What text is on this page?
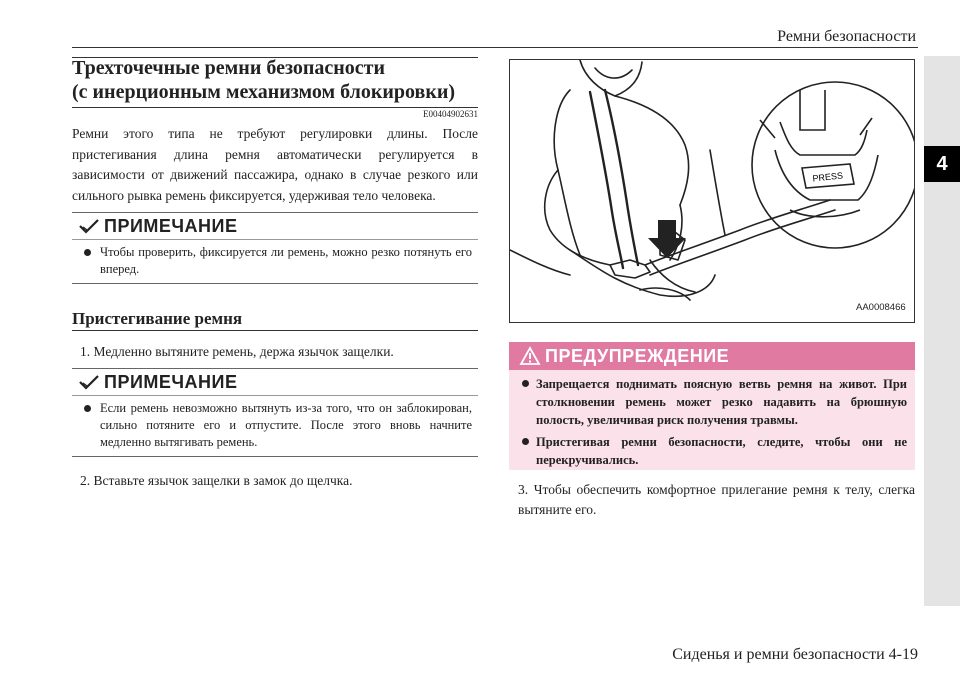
Ремни безопасности
4
Трехточечные ремни безопасности
(с инерционным механизмом блокировки)
E00404902631
Ремни этого типа не требуют регулировки длины. После пристегивания длина ремня автоматически регулируется в зависимости от движений пассажира, однако в случае резкого или сильного рывка ремень фиксируется, удерживая тело человека.
ПРИМЕЧАНИЕ
Чтобы проверить, фиксируется ли ремень, можно резко потянуть его вперед.
Пристегивание ремня
1. Медленно вытяните ремень, держа язычок защелки.
ПРИМЕЧАНИЕ
Если ремень невозможно вытянуть из-за того, что он заблокирован, сильно потяните его и отпустите. После этого вновь начните медленно вытягивать ремень.
2. Вставьте язычок защелки в замок до щелчка.
PRESS
AA0008466
ПРЕДУПРЕЖДЕНИЕ
Запрещается поднимать поясную ветвь ремня на живот. При столкновении ремень может резко надавить на брюшную полость, увеличивая риск получения травмы.
Пристегивая ремни безопасности, следите, чтобы они не перекручивались.
3. Чтобы обеспечить комфортное прилегание ремня к телу, слегка вытяните его.
Сиденья и ремни безопасности 4-19
